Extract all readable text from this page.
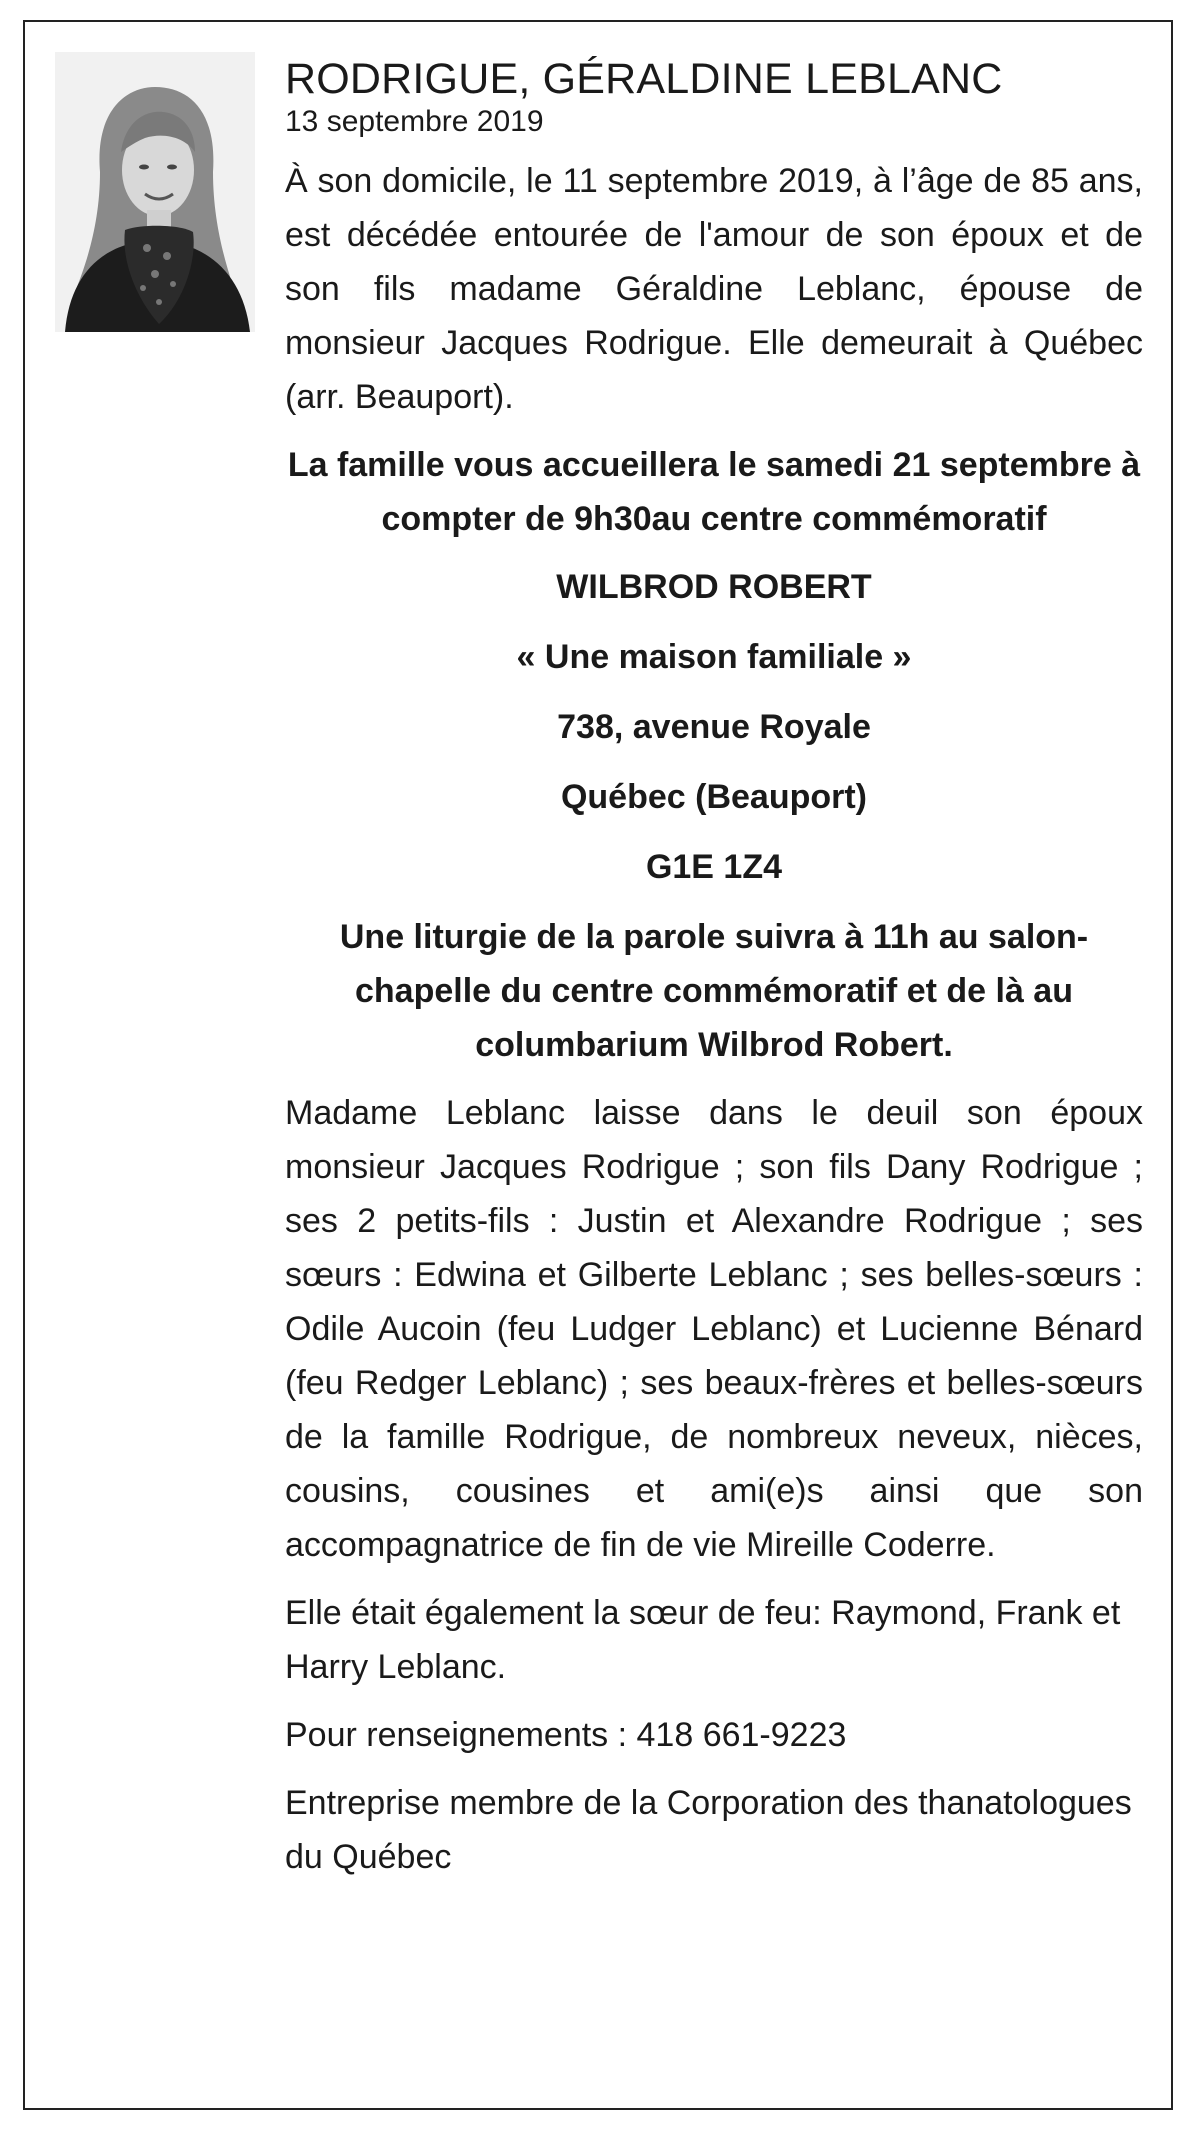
RODRIGUE, GÉRALDINE LEBLANC
13 septembre 2019

À son domicile, le 11 septembre 2019, à l’âge de 85 ans, est décédée entourée de l'amour de son époux et de son fils madame Géraldine Leblanc, épouse de monsieur Jacques Rodrigue. Elle demeurait à Québec (arr. Beauport).

La famille vous accueillera le samedi 21 septembre à compter de 9h30au centre commémoratif

WILBROD ROBERT
« Une maison familiale »
738, avenue Royale
Québec (Beauport)
G1E 1Z4

Une liturgie de la parole suivra à 11h au salon-chapelle du centre commémoratif et de là au columbarium Wilbrod Robert.

Madame Leblanc laisse dans le deuil son époux monsieur Jacques Rodrigue ; son fils Dany Rodrigue ; ses 2 petits-fils : Justin et Alexandre Rodrigue ; ses sœurs : Edwina et Gilberte Leblanc ; ses belles-sœurs : Odile Aucoin (feu Ludger Leblanc) et Lucienne Bénard (feu Redger Leblanc) ; ses beaux-frères et belles-sœurs de la famille Rodrigue, de nombreux neveux, nièces, cousins, cousines et ami(e)s ainsi que son accompagnatrice de fin de vie Mireille Coderre.

Elle était également la sœur de feu: Raymond, Frank et Harry Leblanc.

Pour renseignements : 418 661-9223

Entreprise membre de la Corporation des thanatologues du Québec
